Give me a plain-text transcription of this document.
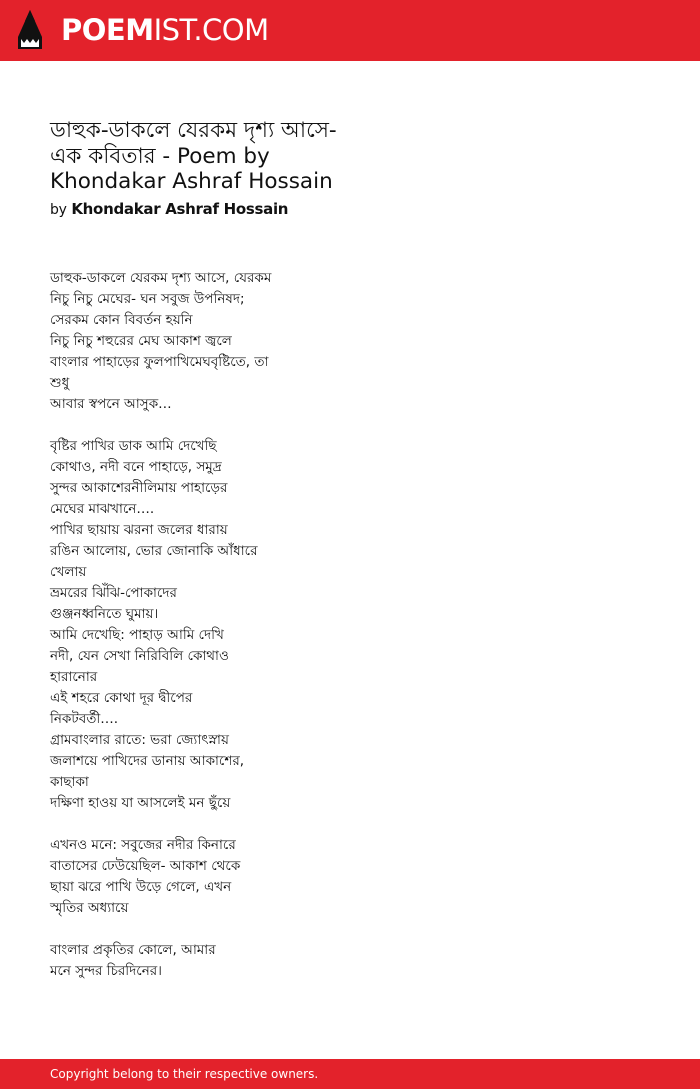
POEMIST.COM
ডাহুক-ডাকলে যেরকম দৃশ্য আসে- এক কবিতার - Poem by Khondakar Ashraf Hossain
by Khondakar Ashraf Hossain
ডাহুক-ডাকলে যেরকম দৃশ্য আসে, যেরকম
নিচু নিচু মেঘের- ঘন সবুজ উপনিষদ;
সেরকম কোন বিবর্তন হয়নি
নিচু নিচু শহুরের মেঘ আকাশ জ্বলে
বাংলার পাহাড়ের ফুলপাখিমেঘবৃষ্টিতে, তা
শুধু
আবার স্বপনে আসুক…
বৃষ্টির পাখির ডাক আমি দেখেছি
কোথাও, নদী বনে পাহাড়ে, সমুদ্র
সুন্দর আকাশেরনীলিমায় পাহাড়ের
মেঘের মাঝখানে….
পাখির ছায়ায় ঝরনা জলের ধারায়
রঙিন আলোয়, ভোর জোনাকি আঁধারে
খেলায়
ভ্রমরের ঝিঁঝি-পোকাদের
গুঞ্জনধ্বনিতে ঘুমায়।
আমি দেখেছি: পাহাড় আমি দেখি
নদী, যেন সেখা নিরিবিলি কোথাও
হারানোর
এই শহরে কোথা দূর দ্বীপের
নিকটবর্তী….
গ্রামবাংলার রাতে: ভরা জ্যোৎস্নায়
জলাশয়ে পাখিদের ডানায় আকাশের,
কাছাকা
দক্ষিণা হাওয় যা আসলেই মন ছুঁয়ে
এখনও মনে: সবুজের নদীর কিনারে
বাতাসের ঢেউয়েছিল- আকাশ থেকে
ছায়া ঝরে পাখি উড়ে গেলে, এখন
স্মৃতির অধ্যায়ে
বাংলার প্রকৃতির কোলে, আমার
মনে সুন্দর চিরদিনের।
Copyright belong to their respective owners.
